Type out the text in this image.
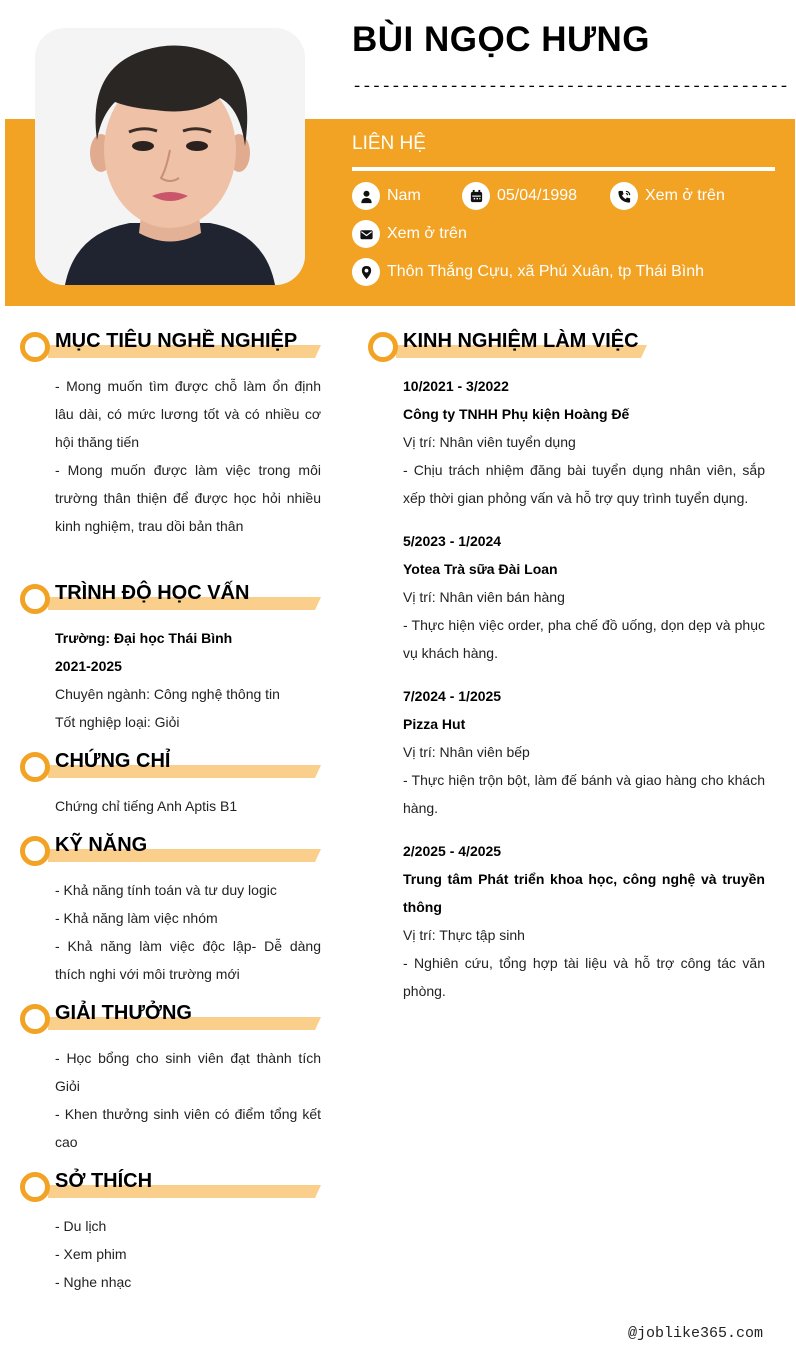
BÙI NGỌC HƯNG
---------------------------------------------
LIÊN HỆ
Nam	05/04/1998	Xem ở trên
Xem ở trên
Thôn Thắng Cựu, xã Phú Xuân, tp Thái Bình
MỤC TIÊU NGHỀ NGHIỆP
- Mong muốn tìm được chỗ làm ổn định lâu dài, có mức lương tốt và có nhiều cơ hội thăng tiến
- Mong muốn được làm việc trong môi trường thân thiện để được học hỏi nhiều kinh nghiệm, trau dồi bản thân
TRÌNH ĐỘ HỌC VẤN
Trường: Đại học Thái Bình
2021-2025
Chuyên ngành: Công nghệ thông tin
Tốt nghiệp loại: Giỏi
CHỨNG CHỈ
Chứng chỉ tiếng Anh Aptis B1
KỸ NĂNG
- Khả năng tính toán và tư duy logic
- Khả năng làm việc nhóm
- Khả năng làm việc độc lập- Dễ dàng thích nghi với môi trường mới
GIẢI THƯỞNG
- Học bổng cho sinh viên đạt thành tích Giỏi
- Khen thưởng sinh viên có điểm tổng kết cao
SỞ THÍCH
- Du lịch
- Xem phim
- Nghe nhạc
KINH NGHIỆM LÀM VIỆC
10/2021 - 3/2022
Công ty TNHH Phụ kiện Hoàng Đế
Vị trí: Nhân viên tuyển dụng
- Chịu trách nhiệm đăng bài tuyển dụng nhân viên, sắp xếp thời gian phỏng vấn và hỗ trợ quy trình tuyển dụng.
5/2023 - 1/2024
Yotea Trà sữa Đài Loan
Vị trí: Nhân viên bán hàng
- Thực hiện việc order, pha chế đồ uống, dọn dẹp và phục vụ khách hàng.
7/2024 - 1/2025
Pizza Hut
Vị trí: Nhân viên bếp
- Thực hiện trộn bột, làm đế bánh và giao hàng cho khách hàng.
2/2025 - 4/2025
Trung tâm Phát triển khoa học, công nghệ và truyền thông
Vị trí: Thực tập sinh
- Nghiên cứu, tổng hợp tài liệu và hỗ trợ công tác văn phòng.
@joblike365.com
